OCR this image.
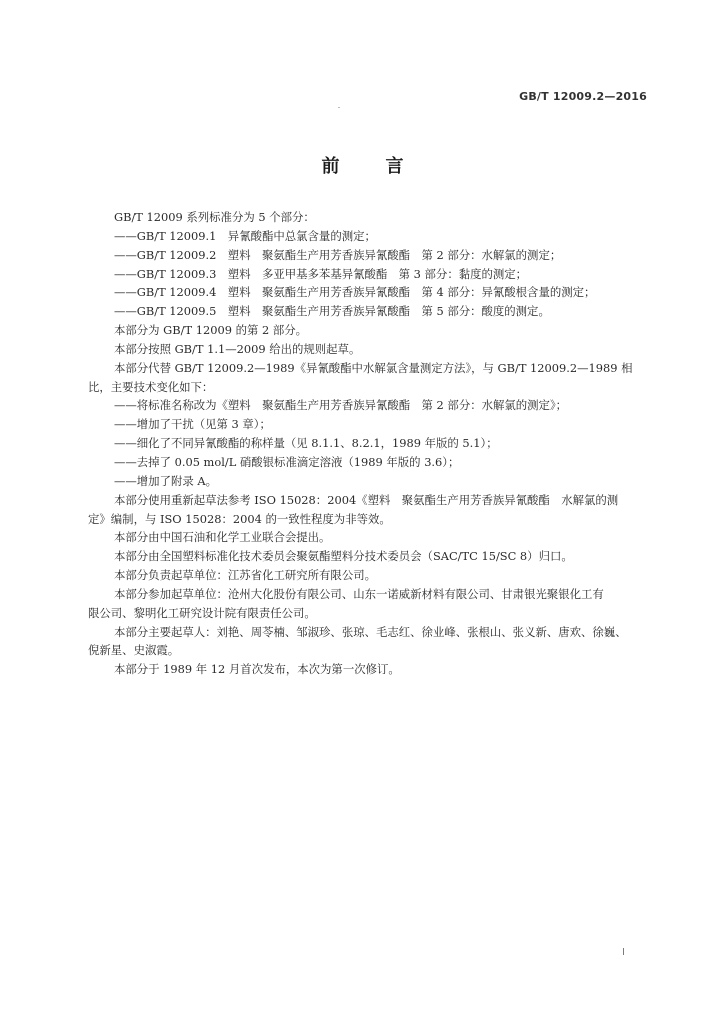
GB/T 12009.2—2016
前言
GB/T 12009 系列标准分为 5 个部分：
——GB/T 12009.1　异氰酸酯中总氯含量的测定；
——GB/T 12009.2　塑料　聚氨酯生产用芳香族异氰酸酯　第 2 部分：水解氯的测定；
——GB/T 12009.3　塑料　多亚甲基多苯基异氰酸酯　第 3 部分：黏度的测定；
——GB/T 12009.4　塑料　聚氨酯生产用芳香族异氰酸酯　第 4 部分：异氰酸根含量的测定；
——GB/T 12009.5　塑料　聚氨酯生产用芳香族异氰酸酯　第 5 部分：酸度的测定。
本部分为 GB/T 12009 的第 2 部分。
本部分按照 GB/T 1.1—2009 给出的规则起草。
本部分代替 GB/T 12009.2—1989《异氰酸酯中水解氯含量测定方法》，与 GB/T 12009.2—1989 相
比，主要技术变化如下：
——将标准名称改为《塑料　聚氨酯生产用芳香族异氰酸酯　第 2 部分：水解氯的测定》；
——增加了干扰（见第 3 章）；
——细化了不同异氰酸酯的称样量（见 8.1.1、8.2.1，1989 年版的 5.1）；
——去掉了 0.05 mol/L 硝酸银标准滴定溶液（1989 年版的 3.6）；
——增加了附录 A。
本部分使用重新起草法参考 ISO 15028：2004《塑料　聚氨酯生产用芳香族异氰酸酯　水解氯的测
定》编制，与 ISO 15028：2004 的一致性程度为非等效。
本部分由中国石油和化学工业联合会提出。
本部分由全国塑料标准化技术委员会聚氨酯塑料分技术委员会（SAC/TC 15/SC 8）归口。
本部分负责起草单位：江苏省化工研究所有限公司。
本部分参加起草单位：沧州大化股份有限公司、山东一诺威新材料有限公司、甘肃银光聚银化工有
限公司、黎明化工研究设计院有限责任公司。
本部分主要起草人：刘艳、周苓楠、邹淑珍、张琼、毛志红、徐业峰、张根山、张义新、唐欢、徐巍、
倪新星、史淑霞。
本部分于 1989 年 12 月首次发布，本次为第一次修订。
I
